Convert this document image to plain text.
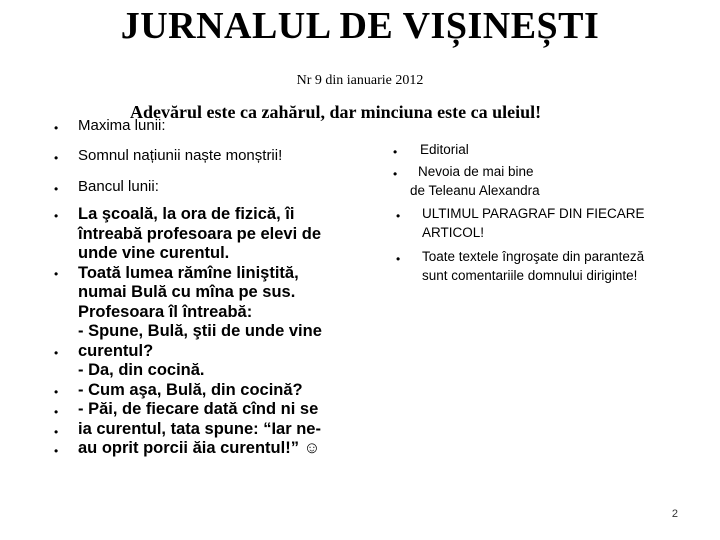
JURNALUL DE VIȘINEȘTI
Nr 9 din ianuarie 2012
Adevărul este ca zahărul, dar minciuna este ca uleiul!
• Maxima lunii:
• Somnul națiunii naște monștrii!
• Bancul lunii:
•
•
•
•
•
•
•
La şcoală, la ora de fizică, îi
întreabă profesoara pe elevi de
unde vine curentul.
Toată lumea rămîne liniştită,
numai Bulă cu mîna pe sus.
Profesoara îl întreabă:
- Spune, Bulă, ştii de unde vine
curentul?
- Da, din cocină.
- Cum aşa, Bulă, din cocină?
- Păi, de fiecare dată cînd ni se
ia curentul, tata spune: “Iar ne-
au oprit porcii ăia curentul!” ☺
• Editorial
• Nevoia de mai bine
de Teleanu Alexandra
• ULTIMUL PARAGRAF DIN FIECARE
ARTICOL!
• Toate textele îngroşate din paranteză
sunt comentariile domnului diriginte!
2
